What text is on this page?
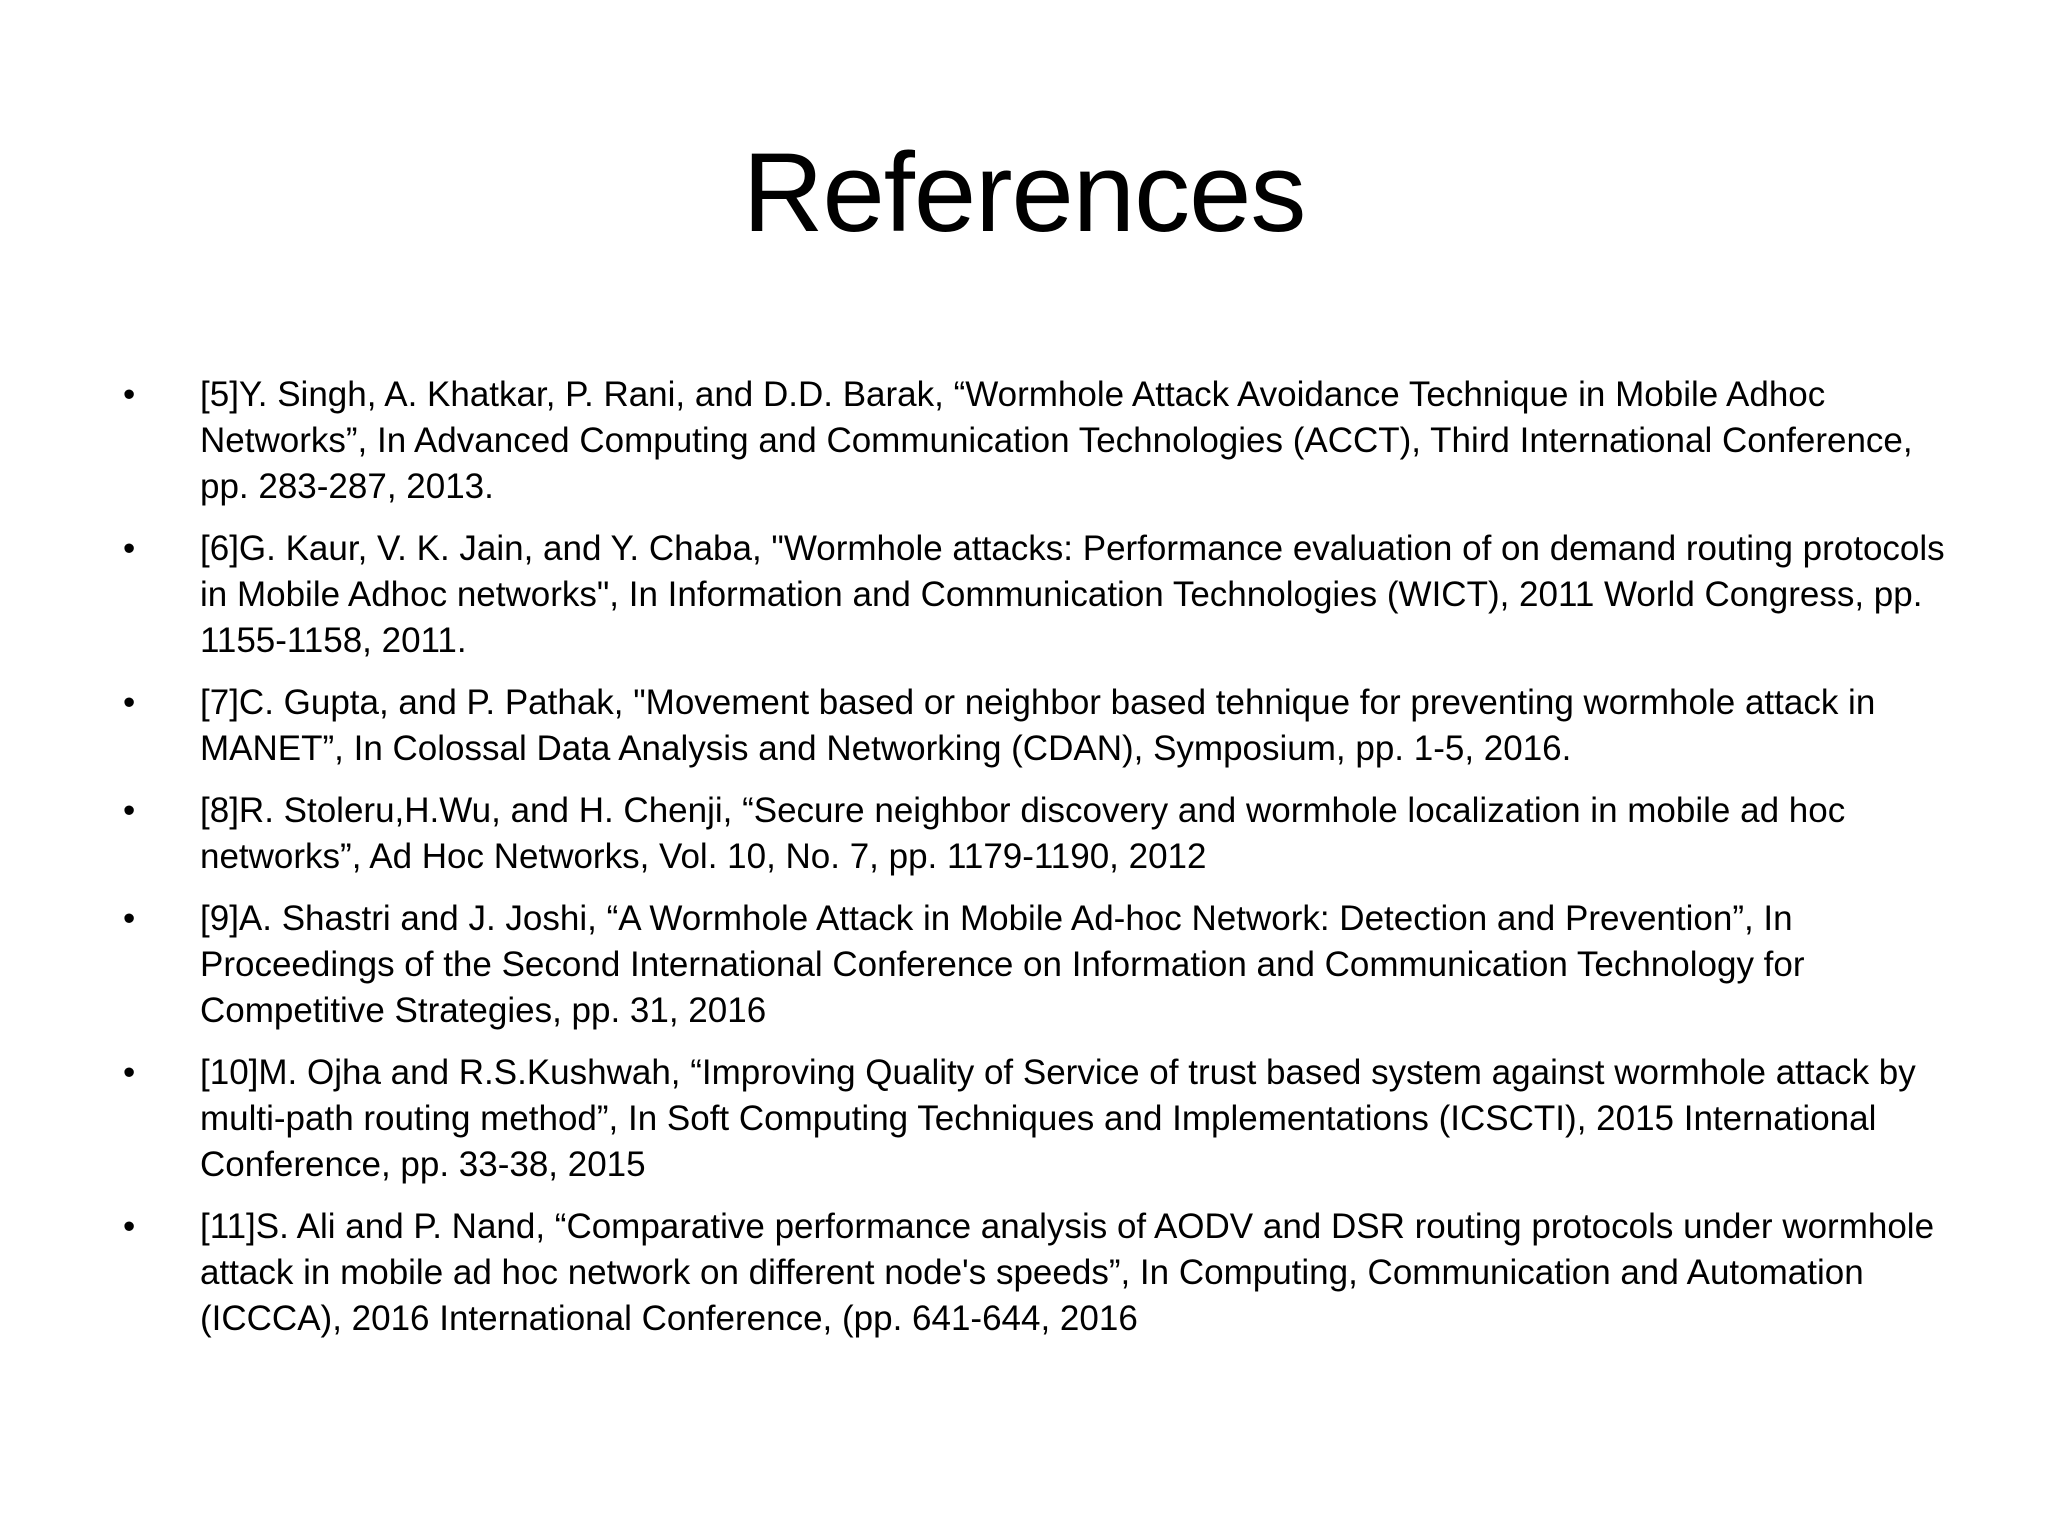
References
• [5]Y. Singh, A. Khatkar, P. Rani, and D.D. Barak, “Wormhole Attack Avoidance Technique in Mobile Adhoc Networks”, In Advanced Computing and Communication Technologies (ACCT), Third International Conference, pp. 283-287, 2013.
• [6]G. Kaur, V. K. Jain, and Y. Chaba, "Wormhole attacks: Performance evaluation of on demand routing protocols in Mobile Adhoc networks", In Information and Communication Technologies (WICT), 2011 World Congress, pp. 1155-1158, 2011.
• [7]C. Gupta, and P. Pathak, "Movement based or neighbor based tehnique for preventing wormhole attack in MANET”, In Colossal Data Analysis and Networking (CDAN), Symposium, pp. 1-5, 2016.
• [8]R. Stoleru,H.Wu, and H. Chenji, “Secure neighbor discovery and wormhole localization in mobile ad hoc networks”, Ad Hoc Networks, Vol. 10, No. 7, pp. 1179-1190, 2012
• [9]A. Shastri and J. Joshi, “A Wormhole Attack in Mobile Ad-hoc Network: Detection and Prevention”, In Proceedings of the Second International Conference on Information and Communication Technology for Competitive Strategies, pp. 31, 2016
• [10]M. Ojha and R.S.Kushwah, “Improving Quality of Service of trust based system against wormhole attack by multi-path routing method”, In Soft Computing Techniques and Implementations (ICSCTI), 2015 International Conference, pp. 33-38, 2015
• [11]S. Ali and P. Nand, “Comparative performance analysis of AODV and DSR routing protocols under wormhole attack in mobile ad hoc network on different node's speeds”, In Computing, Communication and Automation (ICCCA), 2016 International Conference, (pp. 641-644, 2016
